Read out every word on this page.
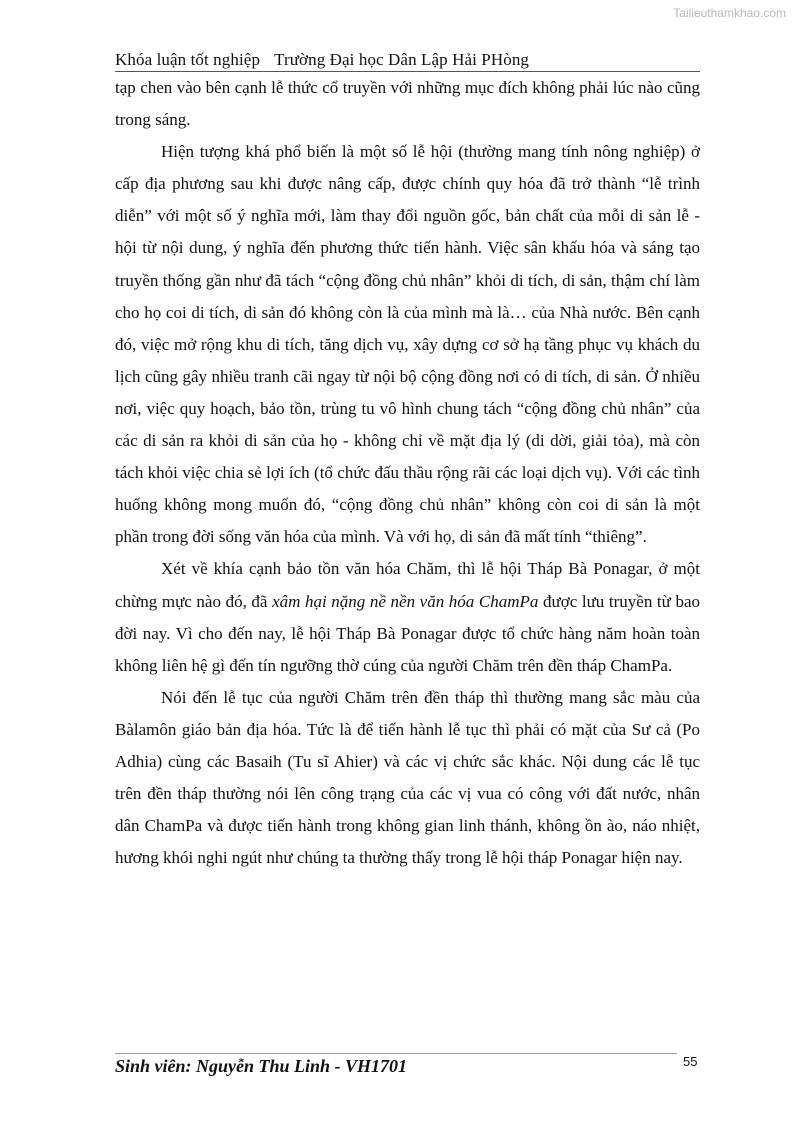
Tailieuthamkhao.com
Khóa luận tốt nghiệp Trường Đại học Dân Lập Hải PHòng

tạp chen vào bên cạnh lễ thức cổ truyền với những mục đích không phải lúc nào cũng trong sáng.

Hiện tượng khá phổ biến là một số lễ hội (thường mang tính nông nghiệp) ở cấp địa phương sau khi được nâng cấp, được chính quy hóa đã trở thành “lễ trình diễn” với một số ý nghĩa mới, làm thay đổi nguồn gốc, bản chất của mỗi di sản lễ - hội từ nội dung, ý nghĩa đến phương thức tiến hành. Việc sân khấu hóa và sáng tạo truyền thống gần như đã tách “cộng đồng chủ nhân” khỏi di tích, di sản, thậm chí làm cho họ coi di tích, di sản đó không còn là của mình mà là… của Nhà nước. Bên cạnh đó, việc mở rộng khu di tích, tăng dịch vụ, xây dựng cơ sở hạ tầng phục vụ khách du lịch cũng gây nhiều tranh cãi ngay từ nội bộ cộng đồng nơi có di tích, di sản. Ở nhiều nơi, việc quy hoạch, bảo tồn, trùng tu vô hình chung tách “cộng đồng chủ nhân” của các di sản ra khỏi di sản của họ - không chỉ về mặt địa lý (di dời, giải tỏa), mà còn tách khỏi việc chia sẻ lợi ích (tổ chức đấu thầu rộng rãi các loại dịch vụ). Với các tình huống không mong muốn đó, “cộng đồng chủ nhân” không còn coi di sản là một phần trong đời sống văn hóa của mình. Và với họ, di sản đã mất tính “thiêng”.

Xét về khía cạnh bảo tồn văn hóa Chăm, thì lễ hội Tháp Bà Ponagar, ở một chừng mực nào đó, đã xâm hại nặng nề nền văn hóa ChamPa được lưu truyền từ bao đời nay. Vì cho đến nay, lễ hội Tháp Bà Ponagar được tổ chức hàng năm hoàn toàn không liên hệ gì đến tín ngưỡng thờ cúng của người Chăm trên đền tháp ChamPa.

Nói đến lễ tục của người Chăm trên đền tháp thì thường mang sắc màu của Bàlamôn giáo bản địa hóa. Tức là để tiến hành lễ tục thì phải có mặt của Sư cả (Po Adhia) cùng các Basaih (Tu sĩ Ahier) và các vị chức sắc khác. Nội dung các lễ tục trên đền tháp thường nói lên công trạng của các vị vua có công với đất nước, nhân dân ChamPa và được tiến hành trong không gian linh thánh, không ồn ào, náo nhiệt, hương khói nghi ngút như chúng ta thường thấy trong lễ hội tháp Ponagar hiện nay.

Sinh viên: Nguyễn Thu Linh - VH1701	55
